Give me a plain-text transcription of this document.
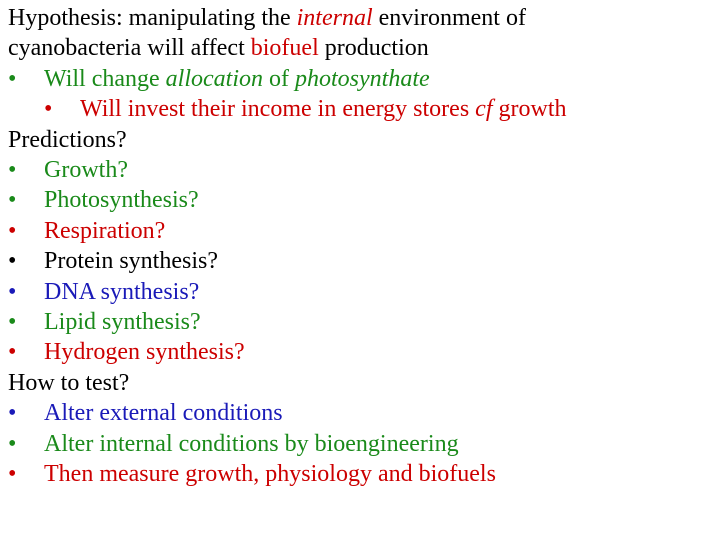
Hypothesis: manipulating the internal environment of
cyanobacteria will affect biofuel production
• Will change allocation of photosynthate
• Will invest their income in energy stores cf growth
Predictions?
• Growth?
• Photosynthesis?
• Respiration?
• Protein synthesis?
• DNA synthesis?
• Lipid synthesis?
• Hydrogen synthesis?
How to test?
• Alter external conditions
• Alter internal conditions by bioengineering
• Then measure growth, physiology and biofuels
